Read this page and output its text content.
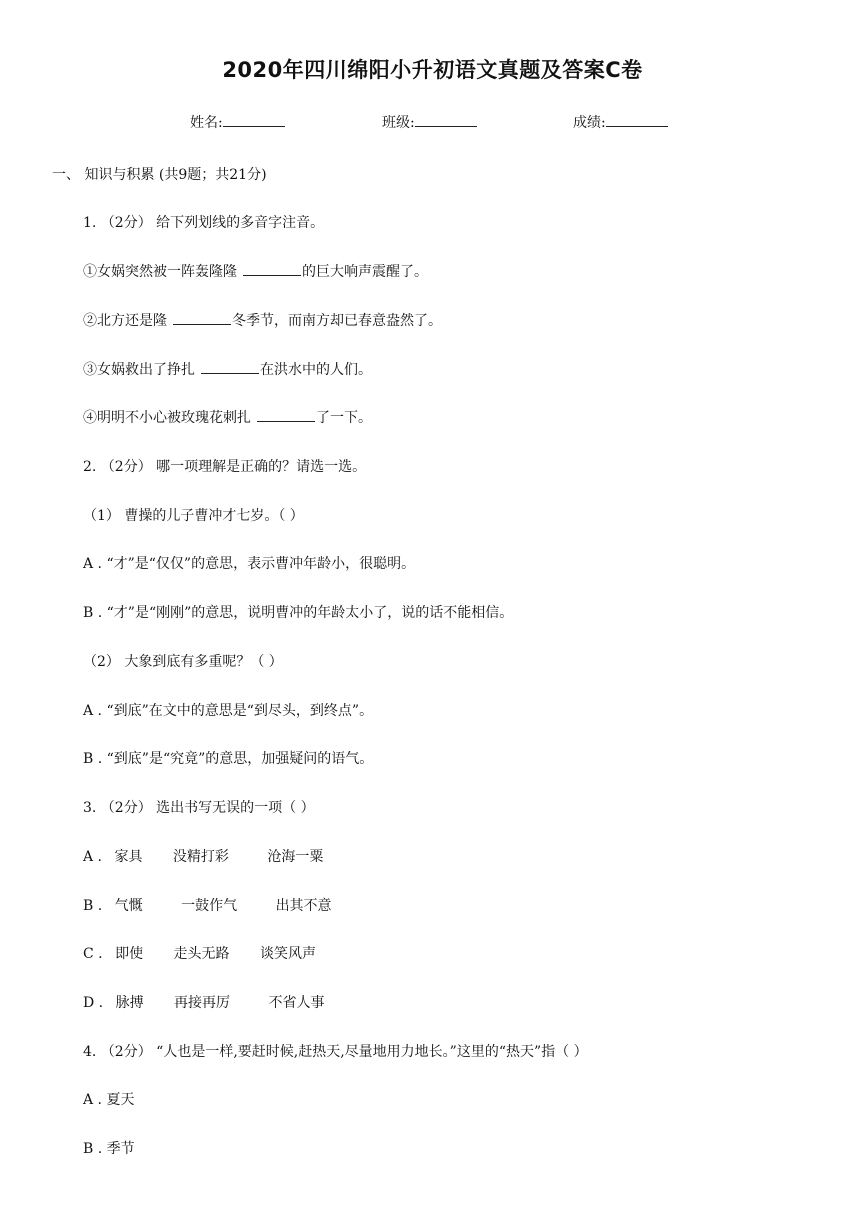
2020年四川绵阳小升初语文真题及答案C卷
姓名:	班级:	成绩:
一、 知识与积累 (共9题；共21分)
1. （2分） 给下列划线的多音字注音。
①女娲突然被一阵轰隆隆	的巨大响声震醒了。
②北方还是隆	冬季节，而南方却已春意盎然了。
③女娲救出了挣扎	在洪水中的人们。
④明明不小心被玫瑰花刺扎	了一下。
2. （2分） 哪一项理解是正确的？请选一选。
（1） 曹操的儿子曹冲才七岁。（ ）
A . “才”是“仅仅”的意思，表示曹冲年龄小，很聪明。
B . “才”是“刚刚”的意思，说明曹冲的年龄太小了，说的话不能相信。
（2） 大象到底有多重呢？（ ）
A . “到底”在文中的意思是“到尽头，到终点”。
B . “到底”是“究竟”的意思，加强疑问的语气。
3. （2分） 选出书写无误的一项（ ）
A . 家具 没精打彩	沧海一粟
B . 气慨	一鼓作气	出其不意
C . 即使 走头无路 谈笑风声
D . 脉搏 再接再厉	不省人事
4. （2分） “人也是一样,要赶时候,赶热天,尽量地用力地长。”这里的“热天”指（ ）
A . 夏天
B . 季节
